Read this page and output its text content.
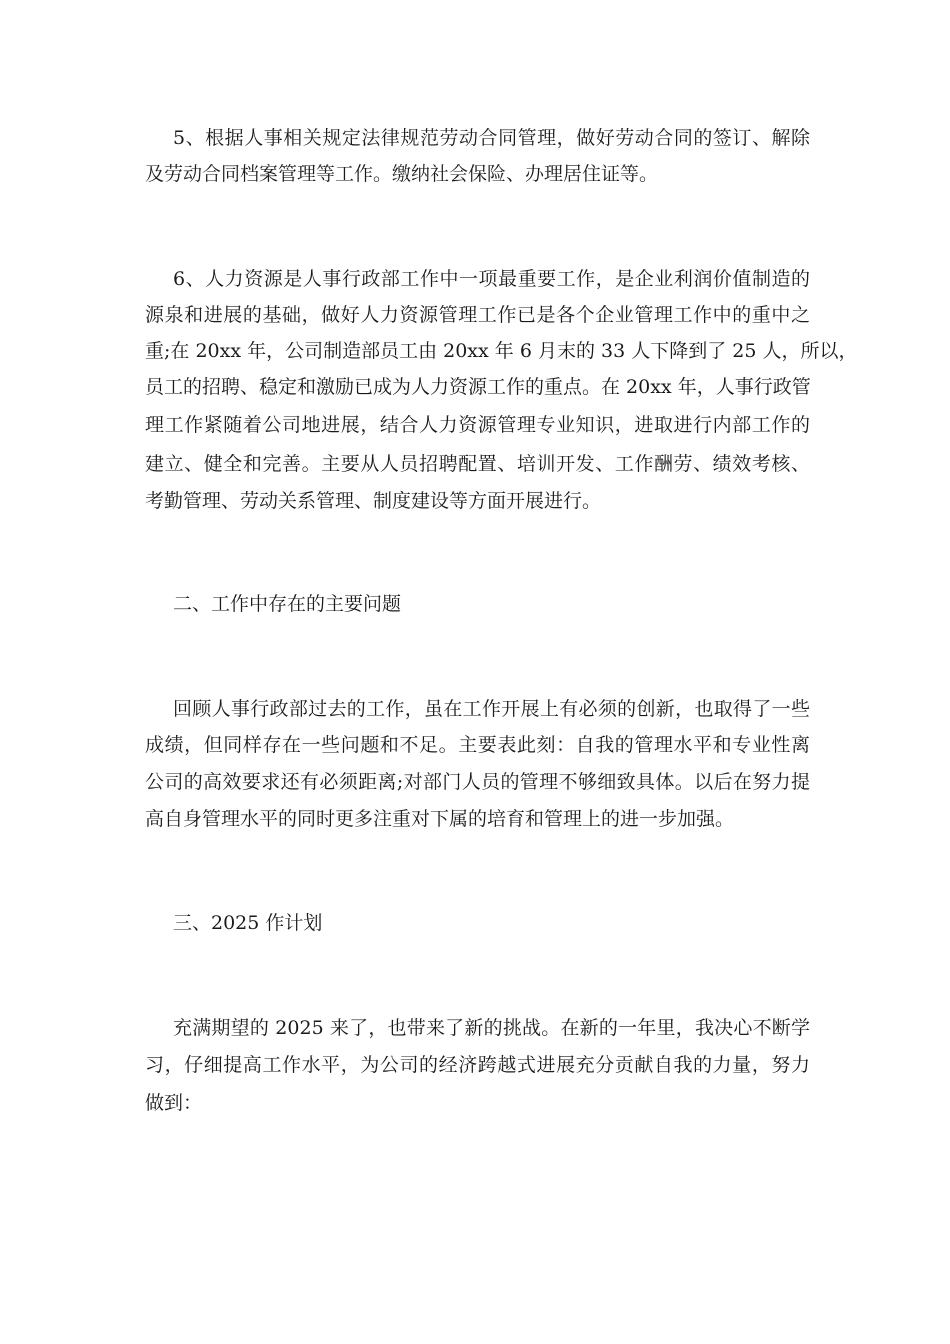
5、根据人事相关规定法律规范劳动合同管理，做好劳动合同的签订、解除
及劳动合同档案管理等工作。缴纳社会保险、办理居住证等。
6、人力资源是人事行政部工作中一项最重要工作，是企业利润价值制造的
源泉和进展的基础，做好人力资源管理工作已是各个企业管理工作中的重中之
重;在 20xx 年，公司制造部员工由 20xx 年 6 月末的 33 人下降到了 25 人，所以，
员工的招聘、稳定和激励已成为人力资源工作的重点。在 20xx 年，人事行政管
理工作紧随着公司地进展，结合人力资源管理专业知识，进取进行内部工作的
建立、健全和完善。主要从人员招聘配置、培训开发、工作酬劳、绩效考核、
考勤管理、劳动关系管理、制度建设等方面开展进行。
二、工作中存在的主要问题
回顾人事行政部过去的工作，虽在工作开展上有必须的创新，也取得了一些
成绩，但同样存在一些问题和不足。主要表此刻：自我的管理水平和专业性离
公司的高效要求还有必须距离;对部门人员的管理不够细致具体。以后在努力提
高自身管理水平的同时更多注重对下属的培育和管理上的进一步加强。
三、2025 作计划
充满期望的 2025 来了，也带来了新的挑战。在新的一年里，我决心不断学
习，仔细提高工作水平，为公司的经济跨越式进展充分贡献自我的力量，努力
做到：
